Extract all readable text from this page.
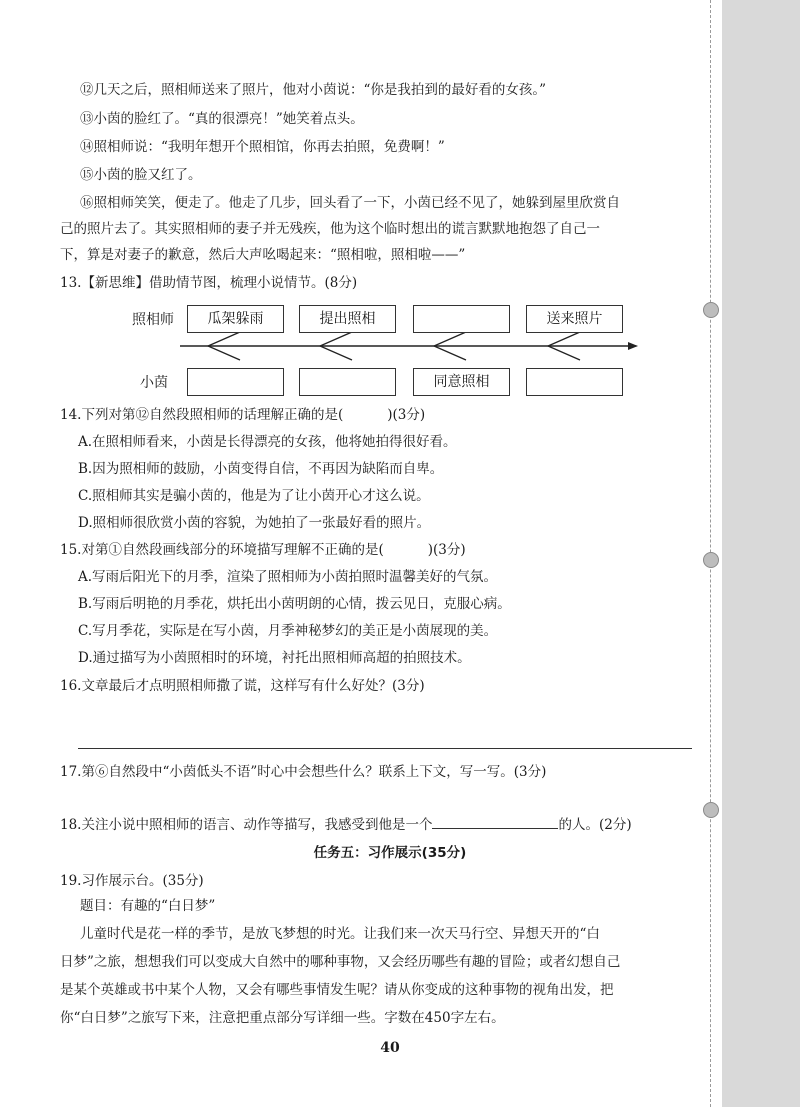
⑫几天之后，照相师送来了照片，他对小茵说：“你是我拍到的最好看的女孩。”
⑬小茵的脸红了。“真的很漂亮！”她笑着点头。
⑭照相师说：“我明年想开个照相馆，你再去拍照，免费啊！”
⑮小茵的脸又红了。
⑯照相师笑笑，便走了。他走了几步，回头看了一下，小茵已经不见了，她躲到屋里欣赏自
己的照片去了。其实照相师的妻子并无残疾，他为这个临时想出的谎言默默地抱怨了自己一
下，算是对妻子的歉意，然后大声吆喝起来：“照相啦，照相啦——”
13.【新思维】借助情节图，梳理小说情节。(8分)
照相师
小茵
瓜架躲雨	提出照相	送来照片
同意照相
14.下列对第⑫自然段照相师的话理解正确的是(	)(3分)
A.在照相师看来，小茵是长得漂亮的女孩，他将她拍得很好看。
B.因为照相师的鼓励，小茵变得自信，不再因为缺陷而自卑。
C.照相师其实是骗小茵的，他是为了让小茵开心才这么说。
D.照相师很欣赏小茵的容貌，为她拍了一张最好看的照片。
15.对第①自然段画线部分的环境描写理解不正确的是(	)(3分)
A.写雨后阳光下的月季，渲染了照相师为小茵拍照时温馨美好的气氛。
B.写雨后明艳的月季花，烘托出小茵明朗的心情，拨云见日，克服心病。
C.写月季花，实际是在写小茵，月季神秘梦幻的美正是小茵展现的美。
D.通过描写为小茵照相时的环境，衬托出照相师高超的拍照技术。
16.文章最后才点明照相师撒了谎，这样写有什么好处？(3分)
17.第⑥自然段中“小茵低头不语”时心中会想些什么？联系上下文，写一写。(3分)
18.关注小说中照相师的语言、动作等描写，我感受到他是一个	的人。(2分)
任务五：习作展示(35分)
19.习作展示台。(35分)
题目：有趣的“白日梦”
儿童时代是花一样的季节，是放飞梦想的时光。让我们来一次天马行空、异想天开的“白
日梦”之旅，想想我们可以变成大自然中的哪种事物，又会经历哪些有趣的冒险；或者幻想自己
是某个英雄或书中某个人物，又会有哪些事情发生呢？请从你变成的这种事物的视角出发，把
你“白日梦”之旅写下来，注意把重点部分写详细一些。字数在450字左右。
40
